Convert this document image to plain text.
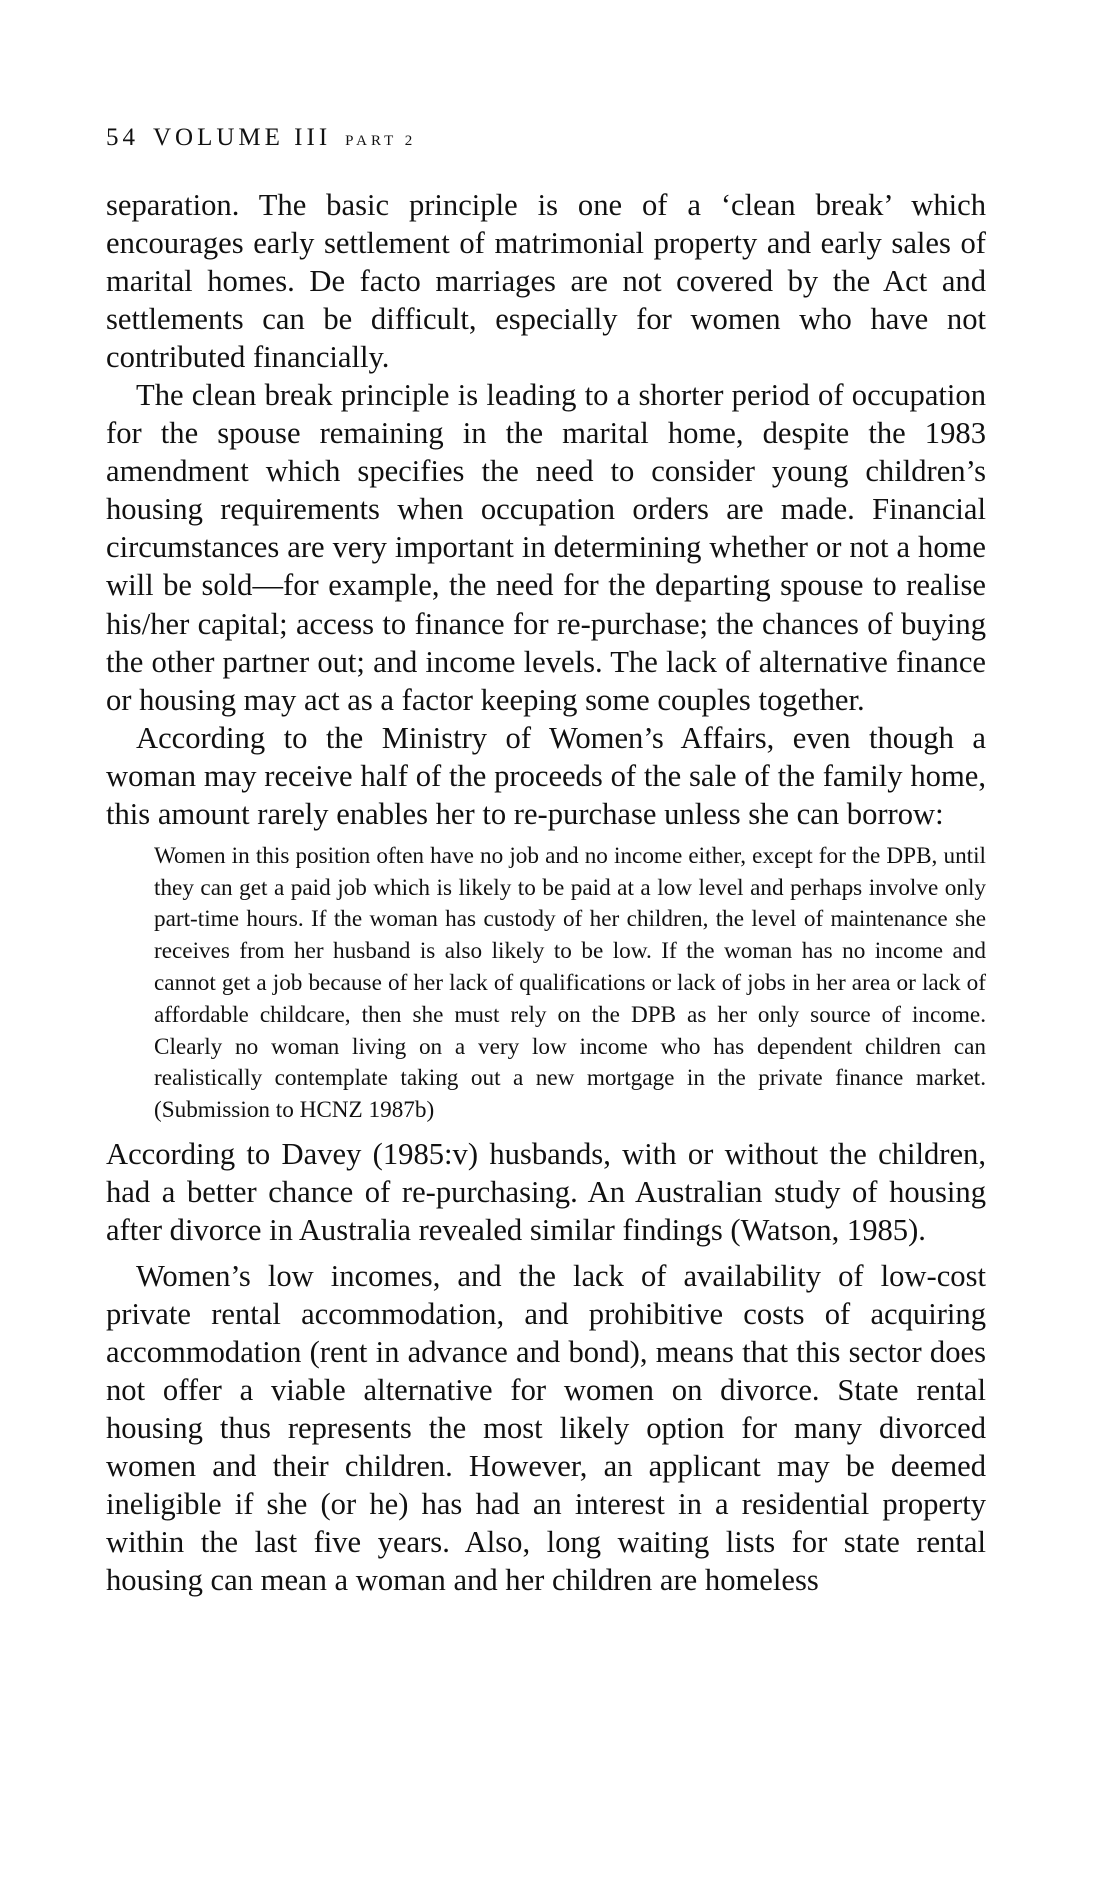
54 VOLUME III PART 2

separation. The basic principle is one of a ‘clean break’ which encourages early settlement of matrimonial property and early sales of marital homes. De facto marriages are not covered by the Act and settlements can be difficult, especially for women who have not contributed financially.

The clean break principle is leading to a shorter period of occupation for the spouse remaining in the marital home, despite the 1983 amendment which specifies the need to consider young children’s housing requirements when occupation orders are made. Financial circumstances are very important in determining whether or not a home will be sold—for example, the need for the departing spouse to realise his/her capital; access to finance for re-purchase; the chances of buying the other partner out; and income levels. The lack of alternative finance or housing may act as a factor keeping some couples together.

According to the Ministry of Women’s Affairs, even though a woman may receive half of the proceeds of the sale of the family home, this amount rarely enables her to re-purchase unless she can borrow:

Women in this position often have no job and no income either, except for the DPB, until they can get a paid job which is likely to be paid at a low level and perhaps involve only part-time hours. If the woman has custody of her children, the level of maintenance she receives from her husband is also likely to be low. If the woman has no income and cannot get a job because of her lack of qualifications or lack of jobs in her area or lack of affordable childcare, then she must rely on the DPB as her only source of income. Clearly no woman living on a very low income who has dependent children can realistically contemplate taking out a new mortgage in the private finance market. (Submission to HCNZ 1987b)

According to Davey (1985:v) husbands, with or without the children, had a better chance of re-purchasing. An Australian study of housing after divorce in Australia revealed similar findings (Watson, 1985).

Women’s low incomes, and the lack of availability of low-cost private rental accommodation, and prohibitive costs of acquiring accommodation (rent in advance and bond), means that this sector does not offer a viable alternative for women on divorce. State rental housing thus represents the most likely option for many divorced women and their children. However, an applicant may be deemed ineligible if she (or he) has had an interest in a residential property within the last five years. Also, long waiting lists for state rental housing can mean a woman and her children are homeless
